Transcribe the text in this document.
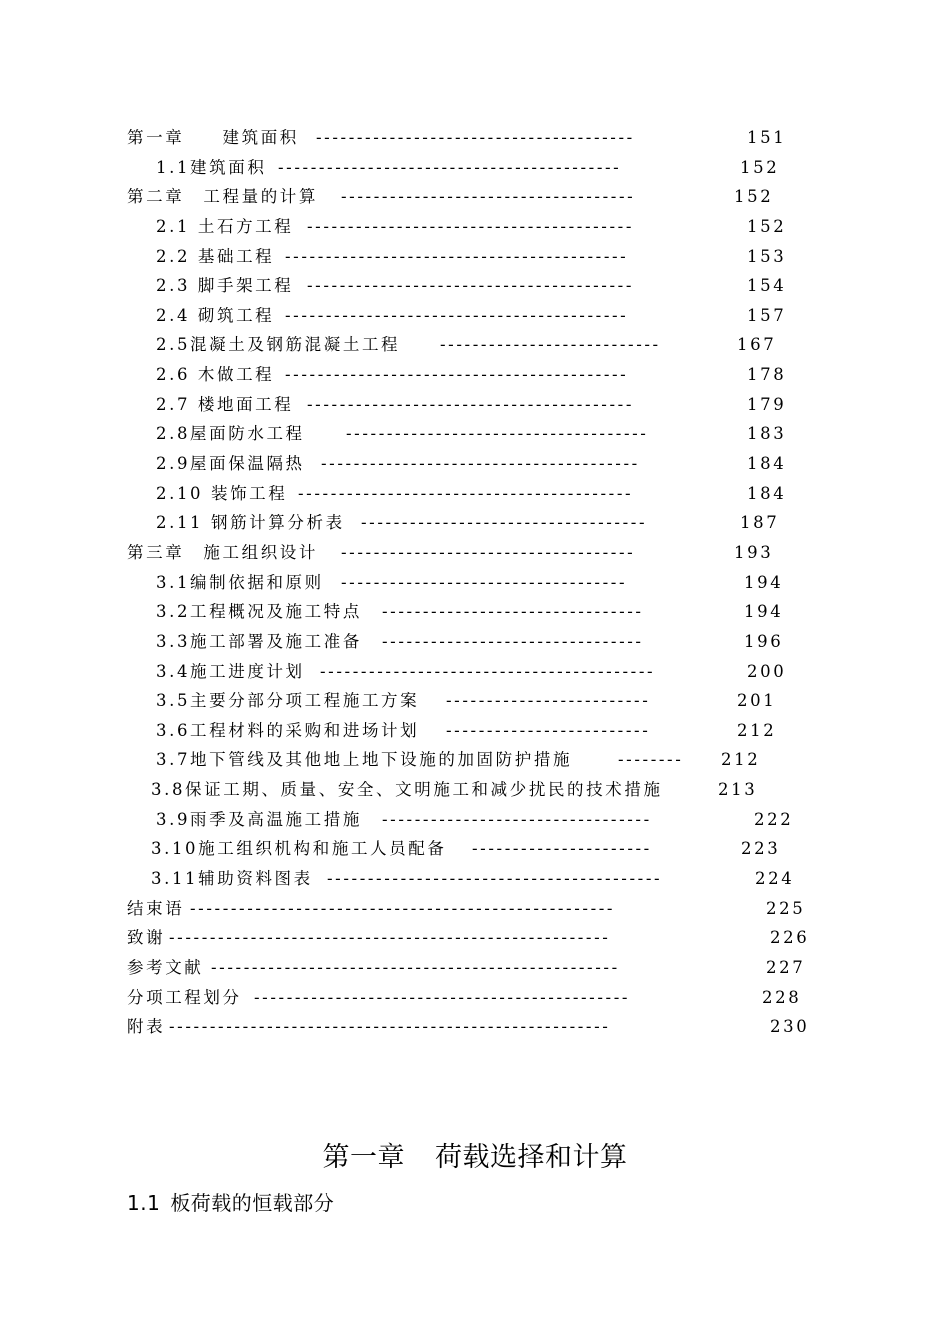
第一章　　建筑面积 ---------------------------------------	151
1.1建筑面积 ------------------------------------------	152
第二章　工程量的计算 ------------------------------------	152
2.1 土石方工程 ----------------------------------------	152
2.2 基础工程 ------------------------------------------	153
2.3 脚手架工程 ----------------------------------------	154
2.4 砌筑工程 ------------------------------------------	157
2.5混凝土及钢筋混凝土工程 ---------------------------	167
2.6 木做工程 ------------------------------------------	178
2.7 楼地面工程 ----------------------------------------	179
2.8屋面防水工程	-------------------------------------	183
2.9屋面保温隔热 ---------------------------------------	184
2.10 装饰工程 -----------------------------------------	184
2.11 钢筋计算分析表 -----------------------------------	187
第三章　施工组织设计 ------------------------------------	193
3.1编制依据和原则 -----------------------------------	194
3.2工程概况及施工特点 --------------------------------	194
3.3施工部署及施工准备 --------------------------------	196
3.4施工进度计划 -----------------------------------------	200
3.5主要分部分项工程施工方案 -------------------------	201
3.6工程材料的采购和进场计划 -------------------------	212
3.7地下管线及其他地上地下设施的加固防护措施	-------- 212
3.8保证工期、质量、安全、文明施工和减少扰民的技术措施	213
3.9雨季及高温施工措施 ---------------------------------	222
3.10施工组织机构和施工人员配备 ----------------------	223
3.11辅助资料图表 -----------------------------------------	224
结束语 ----------------------------------------------------	225
致谢 ------------------------------------------------------	226
参考文献 --------------------------------------------------	227
分项工程划分 ----------------------------------------------	228
附表 ------------------------------------------------------	230
第一章 荷载选择和计算
1.1 板荷载的恒载部分
